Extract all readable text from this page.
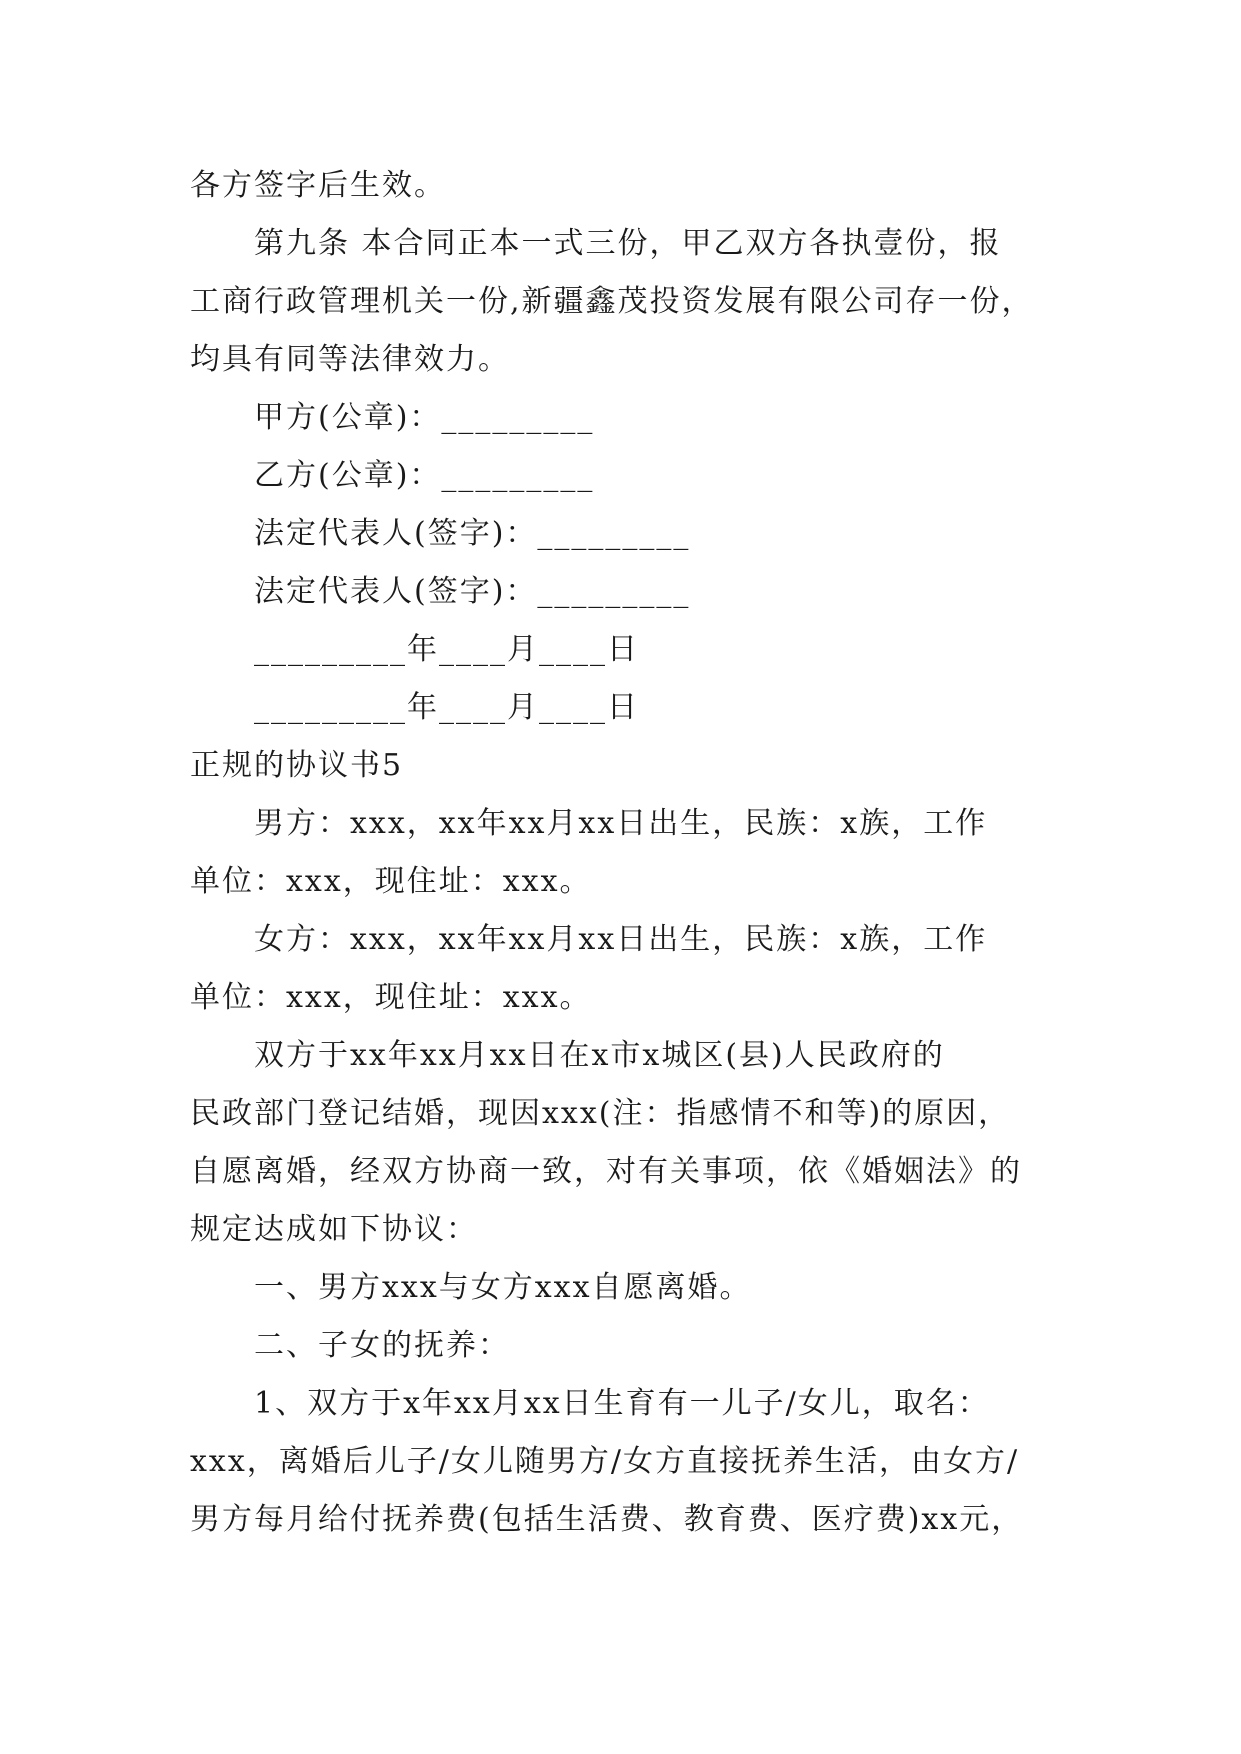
各方签字后生效。
第九条 本合同正本一式三份，甲乙双方各执壹份，报
工商行政管理机关一份,新疆鑫茂投资发展有限公司存一份，
均具有同等法律效力。
甲方(公章)：_________
乙方(公章)：_________
法定代表人(签字)：_________
法定代表人(签字)：_________
_________年____月____日
_________年____月____日
正规的协议书5
男方：xxx，xx年xx月xx日出生，民族：x族，工作
单位：xxx，现住址：xxx。
女方：xxx，xx年xx月xx日出生，民族：x族，工作
单位：xxx，现住址：xxx。
双方于xx年xx月xx日在x市x城区(县)人民政府的
民政部门登记结婚，现因xxx(注：指感情不和等)的原因，
自愿离婚，经双方协商一致，对有关事项，依《婚姻法》的
规定达成如下协议：
一、男方xxx与女方xxx自愿离婚。
二、子女的抚养：
1、双方于x年xx月xx日生育有一儿子/女儿，取名：
xxx，离婚后儿子/女儿随男方/女方直接抚养生活，由女方/
男方每月给付抚养费(包括生活费、教育费、医疗费)xx元，
